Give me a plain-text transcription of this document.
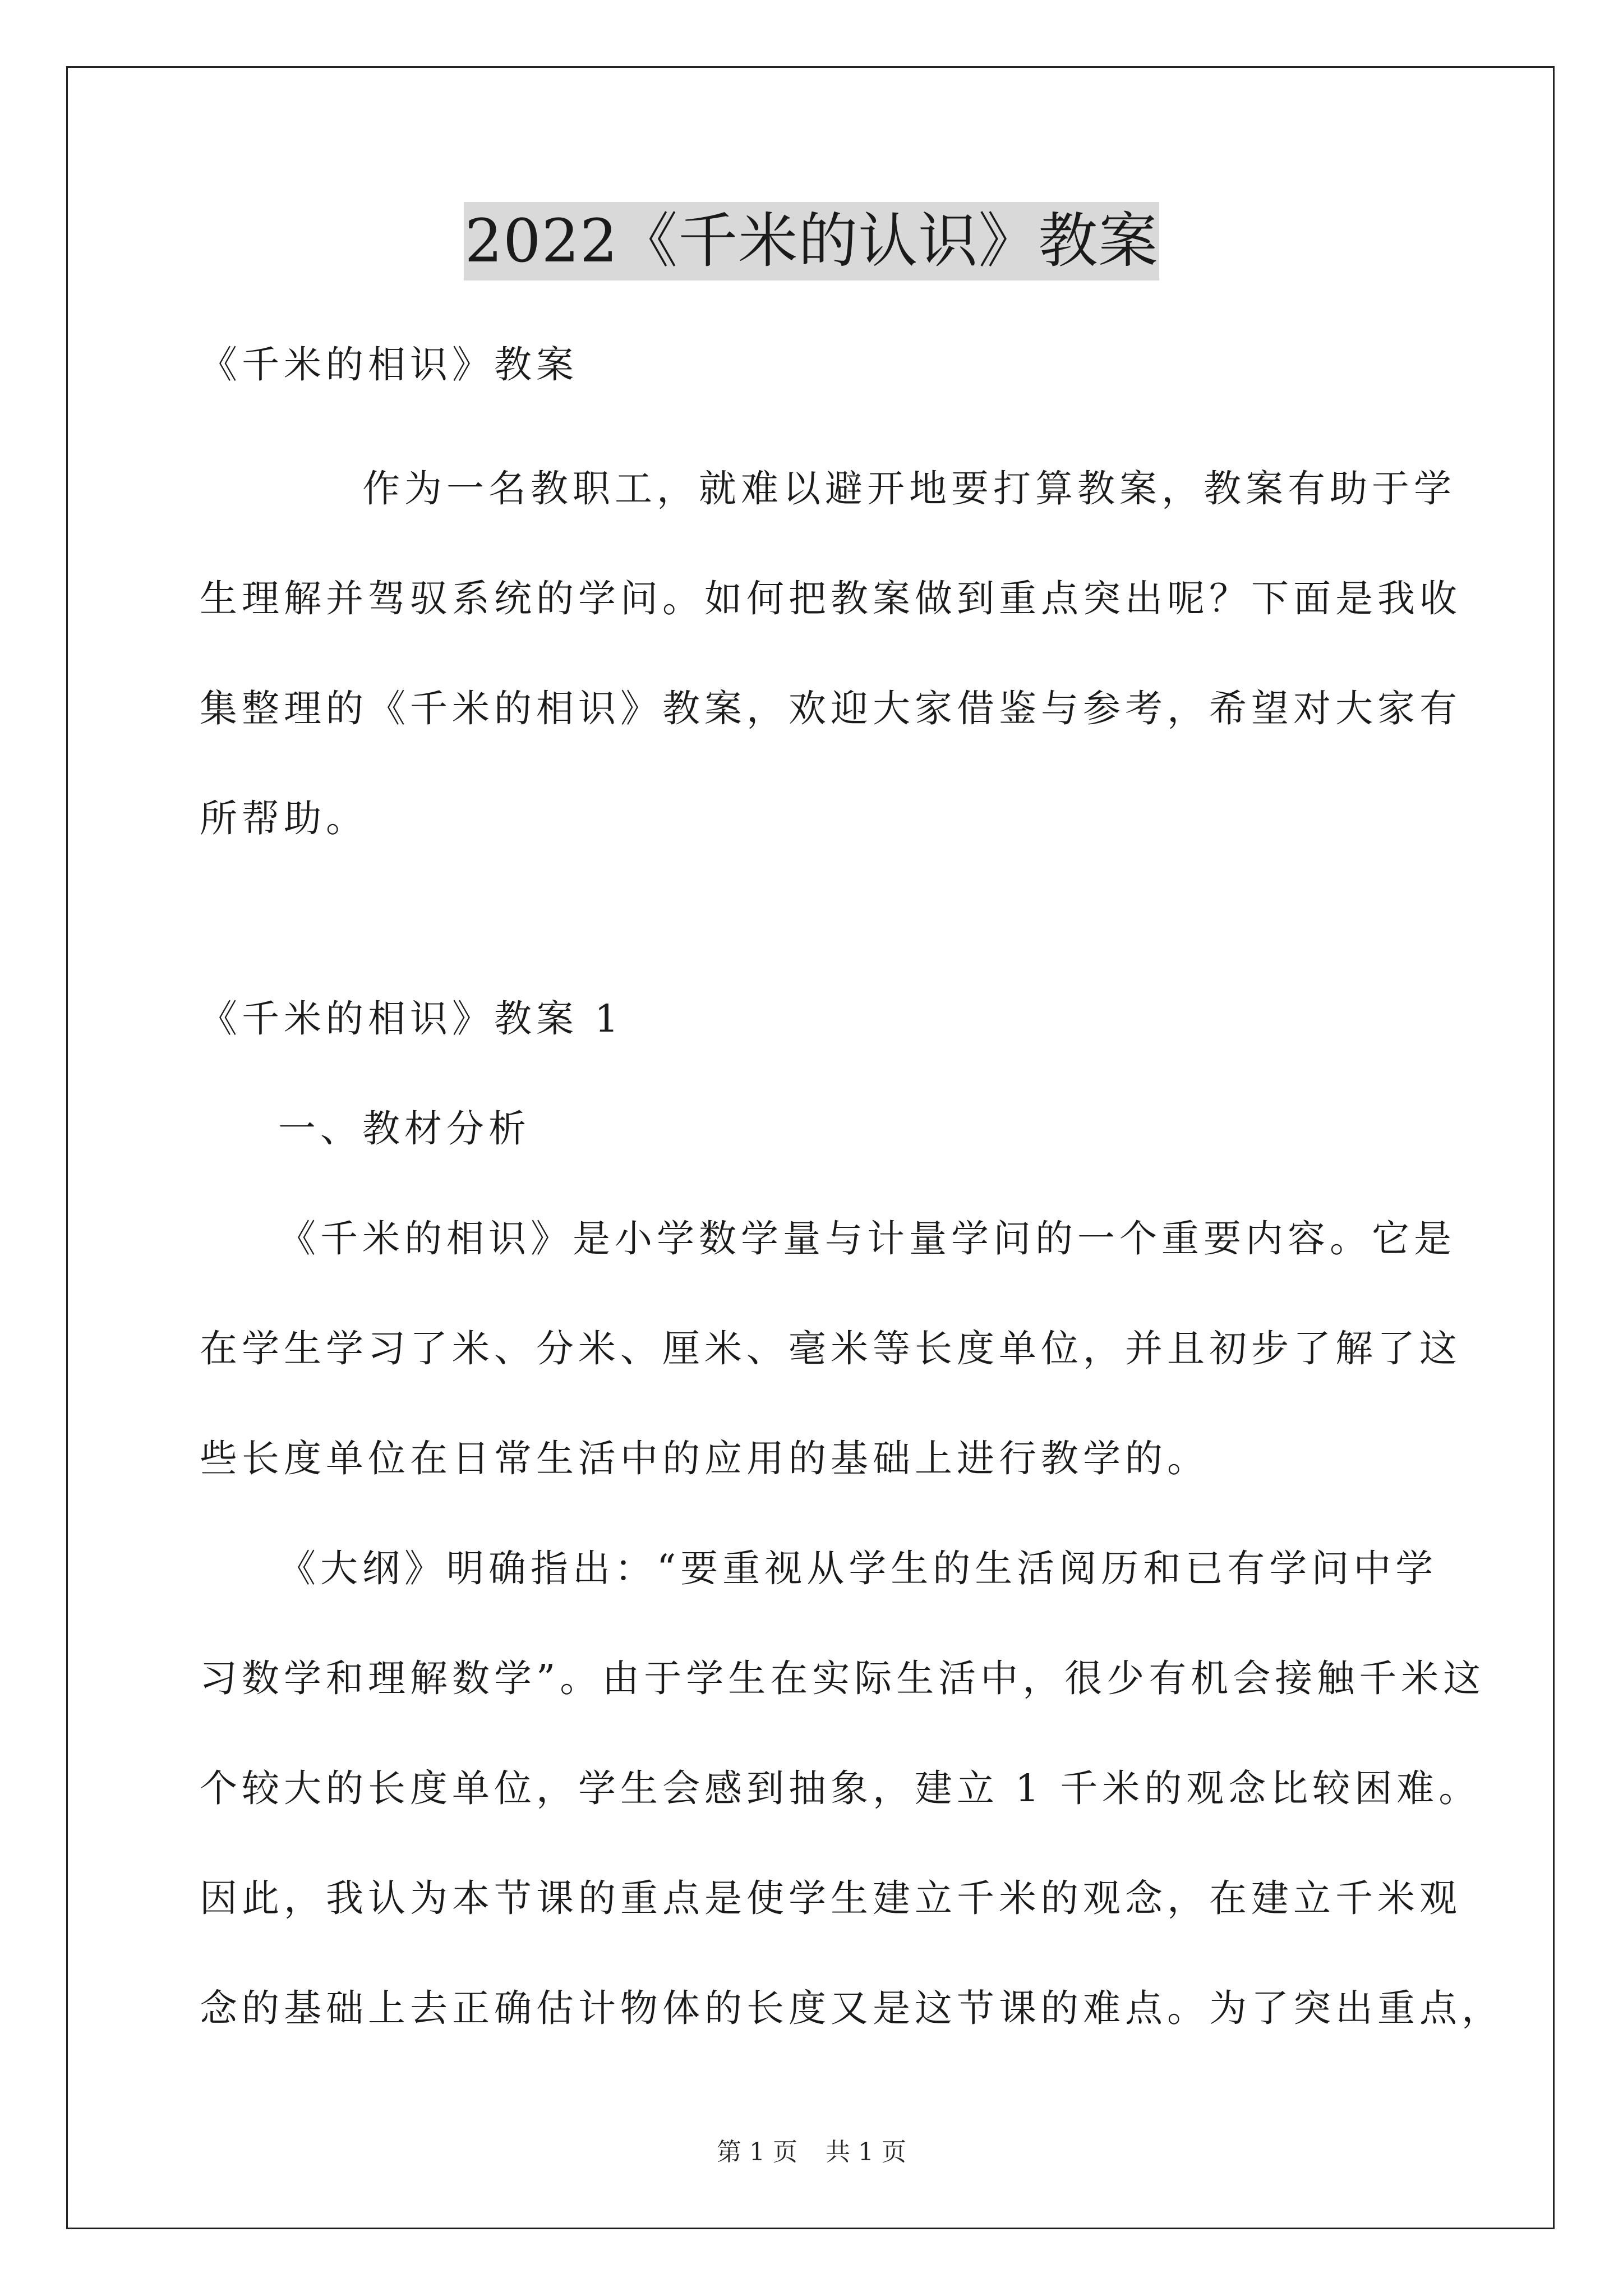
2022《千米的认识》教案
《千米的相识》教案
作为一名教职工，就难以避开地要打算教案，教案有助于学
生理解并驾驭系统的学问。如何把教案做到重点突出呢？下面是我收
集整理的《千米的相识》教案，欢迎大家借鉴与参考，希望对大家有
所帮助。
《千米的相识》教案 1
一、教材分析
《千米的相识》是小学数学量与计量学问的一个重要内容。它是
在学生学习了米、分米、厘米、毫米等长度单位，并且初步了解了这
些长度单位在日常生活中的应用的基础上进行教学的。
《大纲》明确指出：“要重视从学生的生活阅历和已有学问中学
习数学和理解数学”。由于学生在实际生活中，很少有机会接触千米这
个较大的长度单位，学生会感到抽象，建立 1 千米的观念比较困难。
因此，我认为本节课的重点是使学生建立千米的观念，在建立千米观
念的基础上去正确估计物体的长度又是这节课的难点。为了突出重点，
第 1 页 共 1 页
